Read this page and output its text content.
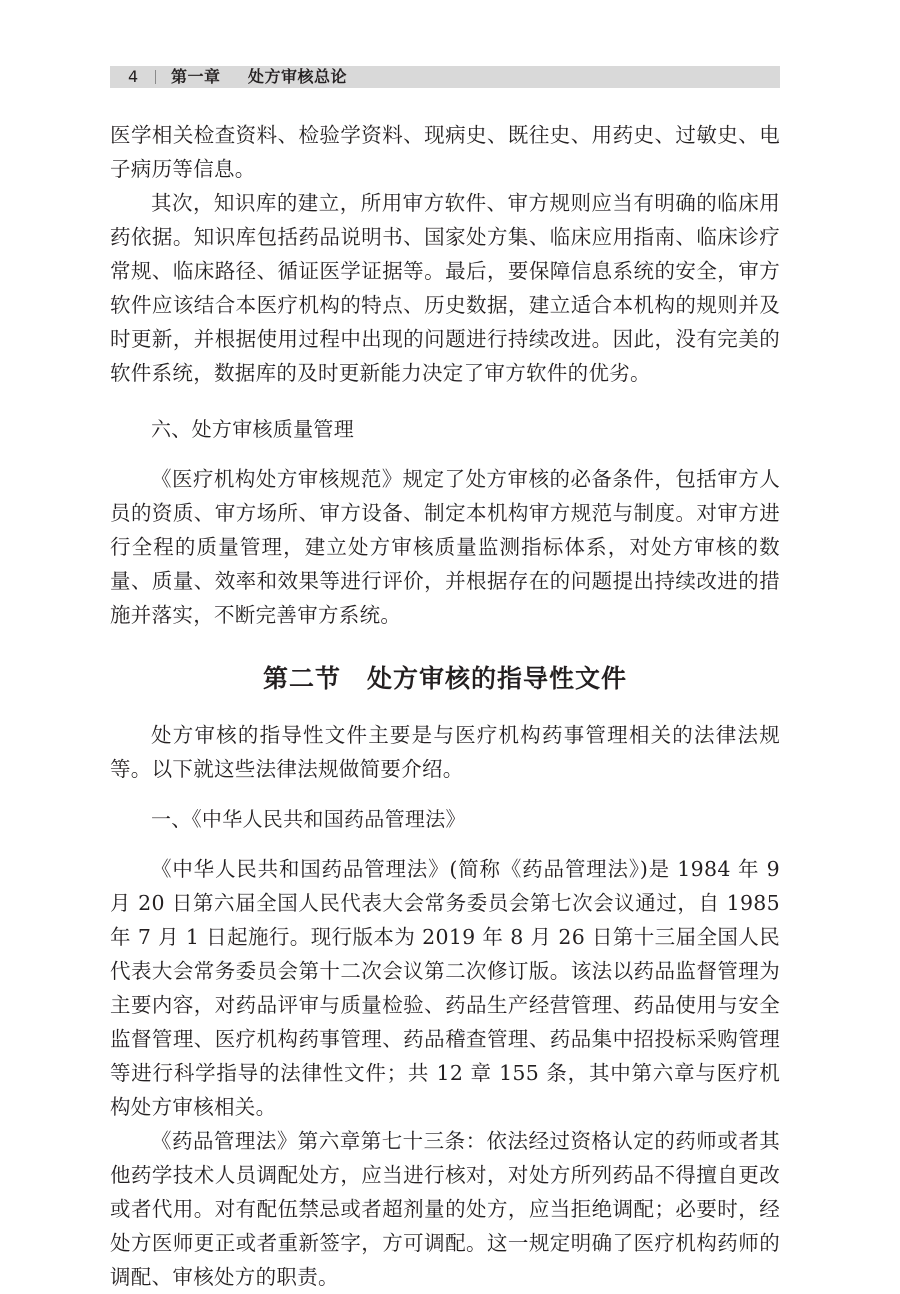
4 第一章 处方审核总论

医学相关检查资料、检验学资料、现病史、既往史、用药史、过敏史、电子病历等信息。

其次，知识库的建立，所用审方软件、审方规则应当有明确的临床用药依据。知识库包括药品说明书、国家处方集、临床应用指南、临床诊疗常规、临床路径、循证医学证据等。最后，要保障信息系统的安全，审方软件应该结合本医疗机构的特点、历史数据，建立适合本机构的规则并及时更新，并根据使用过程中出现的问题进行持续改进。因此，没有完美的软件系统，数据库的及时更新能力决定了审方软件的优劣。

六、处方审核质量管理

《医疗机构处方审核规范》规定了处方审核的必备条件，包括审方人员的资质、审方场所、审方设备、制定本机构审方规范与制度。对审方进行全程的质量管理，建立处方审核质量监测指标体系，对处方审核的数量、质量、效率和效果等进行评价，并根据存在的问题提出持续改进的措施并落实，不断完善审方系统。

第二节　处方审核的指导性文件

处方审核的指导性文件主要是与医疗机构药事管理相关的法律法规等。以下就这些法律法规做简要介绍。

一、《中华人民共和国药品管理法》

《中华人民共和国药品管理法》(简称《药品管理法》)是 1984 年 9 月 20 日第六届全国人民代表大会常务委员会第七次会议通过，自 1985 年 7 月 1 日起施行。现行版本为 2019 年 8 月 26 日第十三届全国人民代表大会常务委员会第十二次会议第二次修订版。该法以药品监督管理为主要内容，对药品评审与质量检验、药品生产经营管理、药品使用与安全监督管理、医疗机构药事管理、药品稽查管理、药品集中招投标采购管理等进行科学指导的法律性文件；共 12 章 155 条，其中第六章与医疗机构处方审核相关。

《药品管理法》第六章第七十三条：依法经过资格认定的药师或者其他药学技术人员调配处方，应当进行核对，对处方所列药品不得擅自更改或者代用。对有配伍禁忌或者超剂量的处方，应当拒绝调配；必要时，经处方医师更正或者重新签字，方可调配。这一规定明确了医疗机构药师的调配、审核处方的职责。
